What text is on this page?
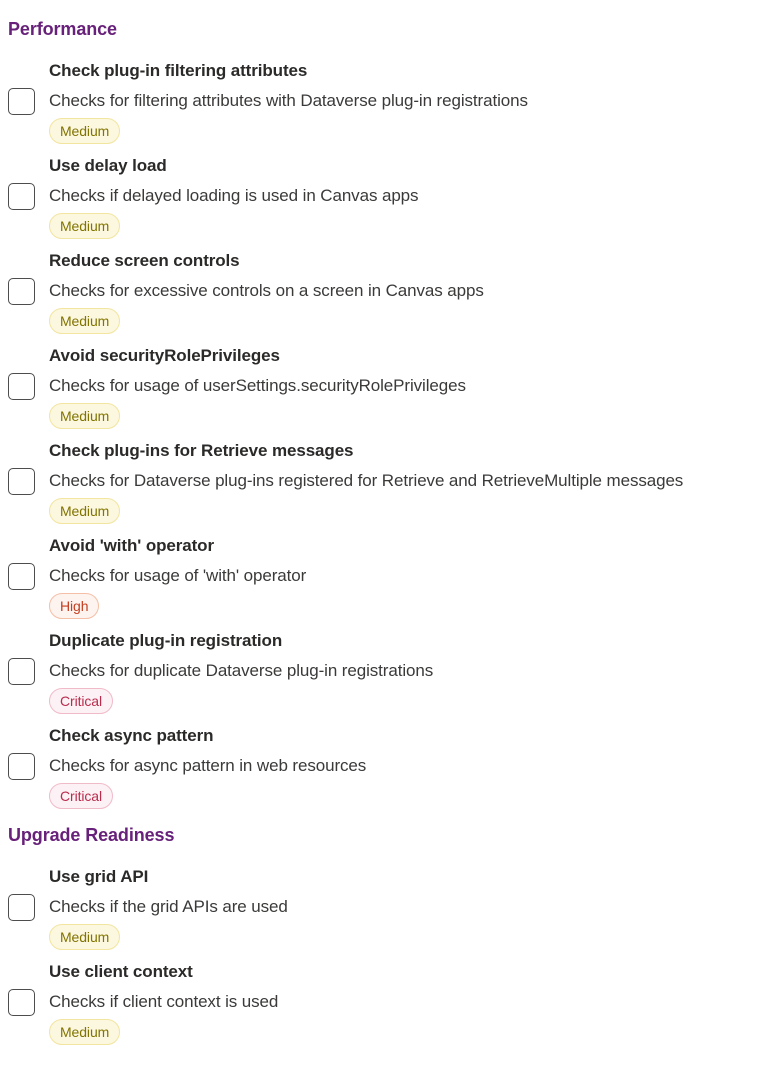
Performance
Check plug-in filtering attributes
Checks for filtering attributes with Dataverse plug-in registrations
Medium
Use delay load
Checks if delayed loading is used in Canvas apps
Medium
Reduce screen controls
Checks for excessive controls on a screen in Canvas apps
Medium
Avoid securityRolePrivileges
Checks for usage of userSettings.securityRolePrivileges
Medium
Check plug-ins for Retrieve messages
Checks for Dataverse plug-ins registered for Retrieve and RetrieveMultiple messages
Medium
Avoid 'with' operator
Checks for usage of 'with' operator
High
Duplicate plug-in registration
Checks for duplicate Dataverse plug-in registrations
Critical
Check async pattern
Checks for async pattern in web resources
Critical
Upgrade Readiness
Use grid API
Checks if the grid APIs are used
Medium
Use client context
Checks if client context is used
Medium
